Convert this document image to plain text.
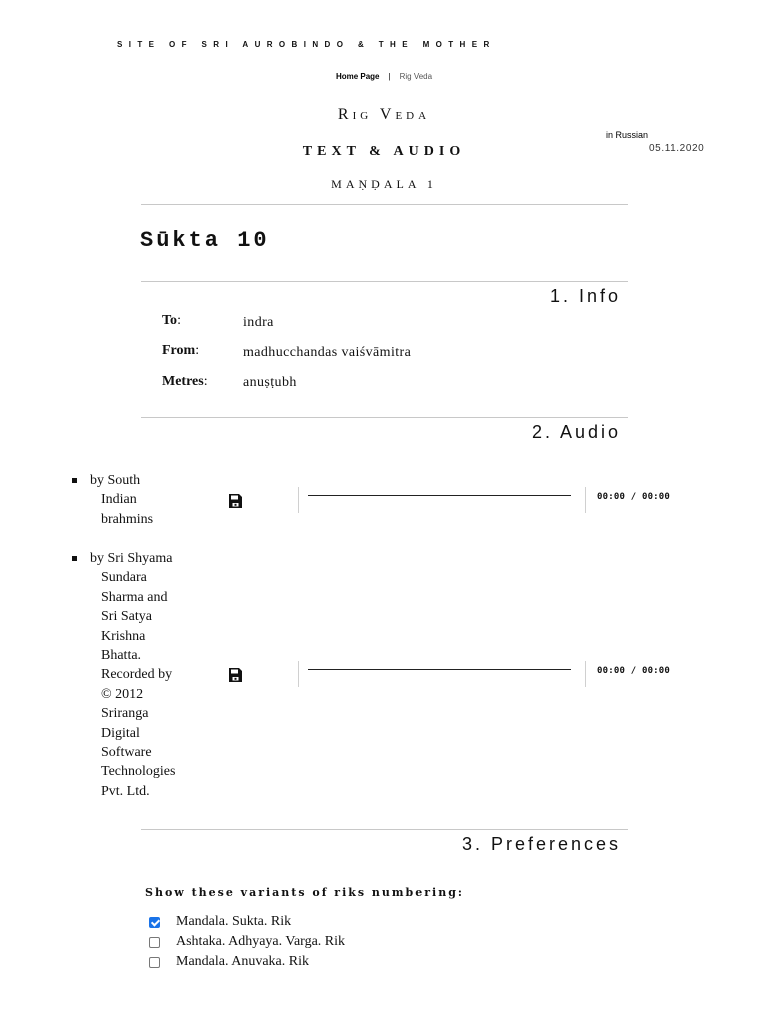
SITE OF SRI AUROBINDO & THE MOTHER
Home Page | Rig Veda
Rig Veda
TEXT & AUDIO
MAṆḌALA 1
in Russian
05.11.2020
Sūkta 10
1. Info
To:	indra
From:	madhucchandas vaiśvāmitra
Metres:	anuṣṭubh
2. Audio
by South
Indian
brahmins
00:00 / 00:00
by Sri Shyama
Sundara
Sharma and
Sri Satya
Krishna
Bhatta.
Recorded by
© 2012
Sriranga
Digital
Software
Technologies
Pvt. Ltd.
00:00 / 00:00
3. Preferences
Show these variants of riks numbering:
Mandala. Sukta. Rik
Ashtaka. Adhyaya. Varga. Rik
Mandala. Anuvaka. Rik
